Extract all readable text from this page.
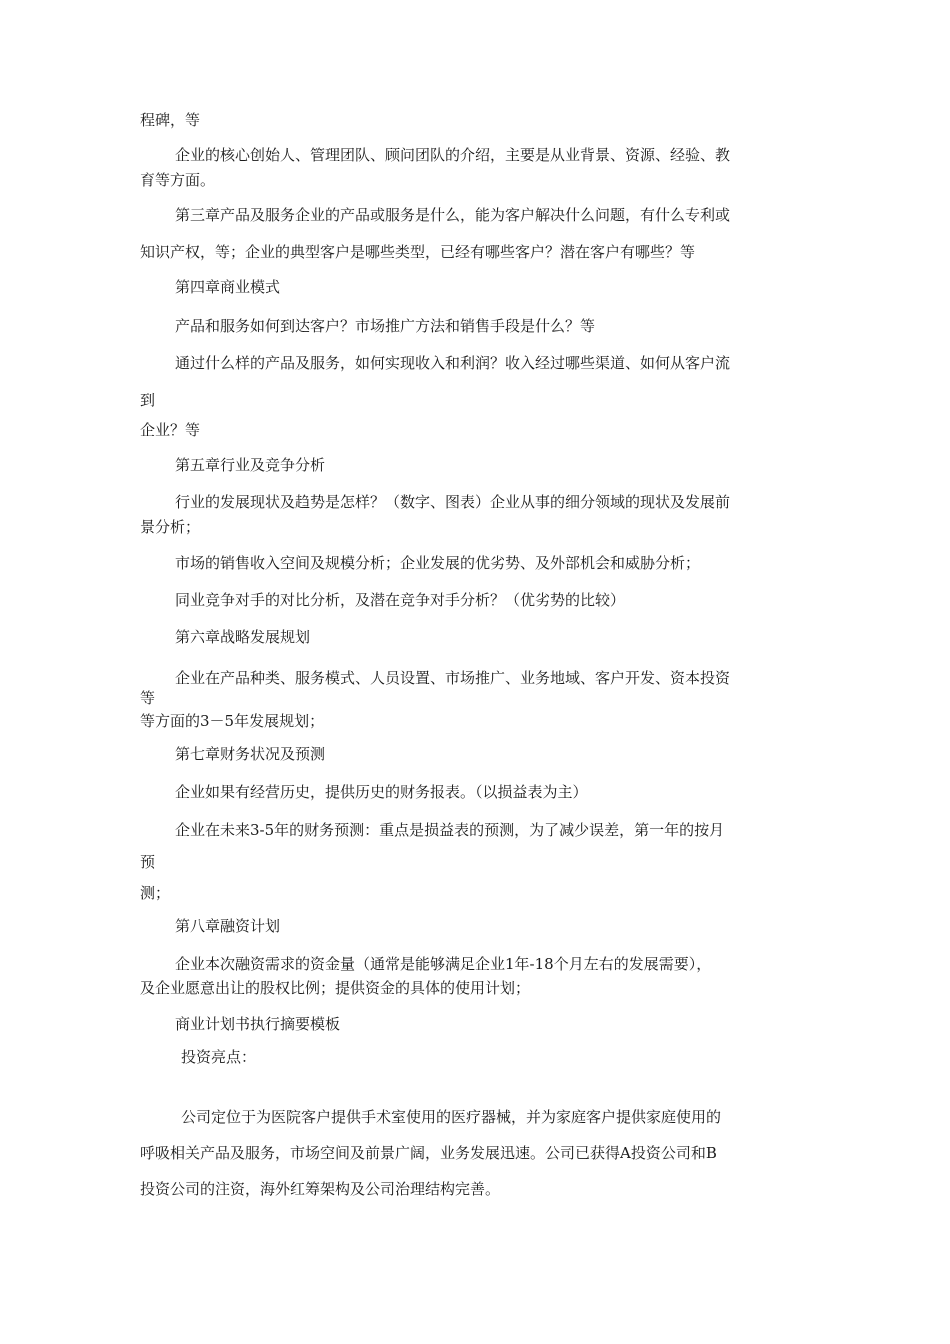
程碑，等
企业的核心创始人、管理团队、顾问团队的介绍，主要是从业背景、资源、经验、教
育等方面。
第三章产品及服务企业的产品或服务是什么，能为客户解决什么问题，有什么专利或
知识产权，等；企业的典型客户是哪些类型，已经有哪些客户？潜在客户有哪些？等
第四章商业模式
产品和服务如何到达客户？市场推广方法和销售手段是什么？等
通过什么样的产品及服务，如何实现收入和利润？收入经过哪些渠道、如何从客户流
到
企业？等
第五章行业及竞争分析
行业的发展现状及趋势是怎样？（数字、图表）企业从事的细分领域的现状及发展前
景分析；
市场的销售收入空间及规模分析；企业发展的优劣势、及外部机会和威胁分析；
同业竞争对手的对比分析，及潜在竞争对手分析？（优劣势的比较）
第六章战略发展规划
企业在产品种类、服务模式、人员设置、市场推广、业务地域、客户开发、资本投资
等
等方面的3－5年发展规划；
第七章财务状况及预测
企业如果有经营历史，提供历史的财务报表。（以损益表为主）
企业在未来3-5年的财务预测：重点是损益表的预测，为了减少误差，第一年的按月
预
测；
第八章融资计划
企业本次融资需求的资金量（通常是能够满足企业1年-18个月左右的发展需要），
及企业愿意出让的股权比例；提供资金的具体的使用计划；
商业计划书执行摘要模板
投资亮点：
公司定位于为医院客户提供手术室使用的医疗器械，并为家庭客户提供家庭使用的
呼吸相关产品及服务，市场空间及前景广阔，业务发展迅速。公司已获得A投资公司和B
投资公司的注资，海外红筹架构及公司治理结构完善。
